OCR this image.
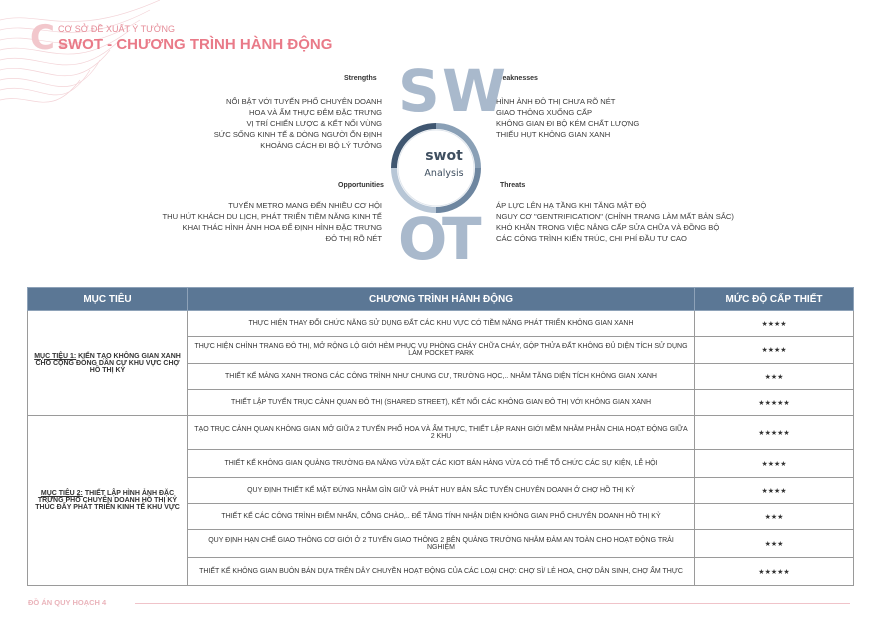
C.
CƠ SỞ ĐỀ XUẤT Ý TƯỞNG
SWOT - CHƯƠNG TRÌNH HÀNH ĐỘNG
Strengths
NỔI BẬT VỚI TUYẾN PHỐ CHUYÊN DOANH
HOA VÀ ẨM THỰC ĐÊM ĐẶC TRƯNG
VỊ TRÍ CHIẾN LƯỢC & KẾT NỐI VÙNG
SỨC SỐNG KINH TẾ & DÒNG NGƯỜI ỔN ĐỊNH
KHOẢNG CÁCH ĐI BỘ LÝ TƯỞNG
Weaknesses
HÌNH ẢNH ĐÔ THỊ CHƯA RÕ NÉT
GIAO THÔNG XUỐNG CẤP
KHÔNG GIAN ĐI BỘ KÉM CHẤT LƯỢNG
THIẾU HỤT KHÔNG GIAN XANH
Opportunities
TUYẾN METRO MANG ĐẾN NHIỀU CƠ HỘI
THU HÚT KHÁCH DU LỊCH, PHÁT TRIỂN TIỀM NĂNG KINH TẾ
KHAI THÁC HÌNH ẢNH HOA ĐỂ ĐỊNH HÌNH ĐẶC TRƯNG
ĐÔ THỊ RÕ NÉT
Threats
ÁP LỰC LÊN HẠ TẦNG KHI TĂNG MẬT ĐỘ
NGUY CƠ "GENTRIFICATION" (CHỈNH TRANG LÀM MẤT BẢN SẮC)
KHÓ KHĂN TRONG VIỆC NÂNG CẤP SỬA CHỮA VÀ ĐỒNG BỘ
CÁC CÔNG TRÌNH KIẾN TRÚC, CHI PHÍ ĐẦU TƯ CAO
S W
O
T
swot
Analysis
MỤC TIÊU	CHƯƠNG TRÌNH HÀNH ĐỘNG	MỨC ĐỘ CẤP THIẾT
MỤC TIÊU 1: KIẾN TẠO KHÔNG GIAN XANH CHO CỘNG ĐỒNG DÂN CƯ KHU VỰC CHỢ HỒ THỊ KỶ	THỰC HIỆN THAY ĐỔI CHỨC NĂNG SỬ DỤNG ĐẤT CÁC KHU VỰC CÓ TIỀM NĂNG PHÁT TRIỂN KHÔNG GIAN XANH	★★★★
	THỰC HIỆN CHỈNH TRANG ĐÔ THỊ, MỞ RỘNG LỘ GIỚI HẺM PHỤC VỤ PHÒNG CHÁY CHỮA CHÁY, GỘP THỬA ĐẤT KHÔNG ĐỦ DIỆN TÍCH SỬ DỤNG LÀM POCKET PARK	★★★★
	THIẾT KẾ MẢNG XANH TRONG CÁC CÔNG TRÌNH NHƯ CHUNG CƯ, TRƯỜNG HỌC,.. NHẰM TĂNG DIỆN TÍCH KHÔNG GIAN XANH	★★★
	THIẾT LẬP TUYẾN TRỤC CẢNH QUAN ĐÔ THỊ (SHARED STREET), KẾT NỐI CÁC KHÔNG GIAN ĐÔ THỊ VỚI KHÔNG GIAN XANH	★★★★★
MỤC TIÊU 2: THIẾT LẬP HÌNH ẢNH ĐẶC TRƯNG PHỐ CHUYÊN DOANH HỒ THỊ KỶ THÚC ĐẨY PHÁT TRIỂN KINH TẾ KHU VỰC	TẠO TRỤC CẢNH QUAN KHÔNG GIAN MỞ GIỮA 2 TUYẾN PHỐ HOA VÀ ẨM THỰC, THIẾT LẬP RANH GIỚI MỀM NHẰM PHÂN CHIA HOẠT ĐỘNG GIỮA 2 KHU	★★★★★
	THIẾT KẾ KHÔNG GIAN QUẢNG TRƯỜNG ĐA NĂNG VỪA ĐẶT CÁC KIOT BÁN HÀNG VỪA CÓ THỂ TỔ CHỨC CÁC SỰ KIỆN, LỄ HỘI	★★★★
	QUY ĐỊNH THIẾT KẾ MẶT ĐỨNG NHẰM GÌN GIỮ VÀ PHÁT HUY BẢN SẮC TUYẾN CHUYÊN DOANH Ở CHỢ HỒ THỊ KỶ	★★★★
	THIẾT KẾ CÁC CÔNG TRÌNH ĐIỂM NHẤN, CỔNG CHÀO,.. ĐỂ TĂNG TÍNH NHẬN DIỆN KHÔNG GIAN PHỐ CHUYÊN DOANH HỒ THỊ KỶ	★★★
	QUY ĐỊNH HẠN CHẾ GIAO THÔNG CƠ GIỚI Ở 2 TUYẾN GIAO THÔNG 2 BÊN QUẢNG TRƯỜNG NHẰM ĐẢM AN TOÀN CHO HOẠT ĐỘNG TRẢI NGHIỆM	★★★
	THIẾT KẾ KHÔNG GIAN BUÔN BÁN DỰA TRÊN DÂY CHUYỀN HOẠT ĐỘNG CỦA CÁC LOẠI CHỢ: CHỢ SỈ/ LẺ HOA, CHỢ DÂN SINH, CHỢ ẨM THỰC	★★★★★
ĐỒ ÁN QUY HOẠCH 4
